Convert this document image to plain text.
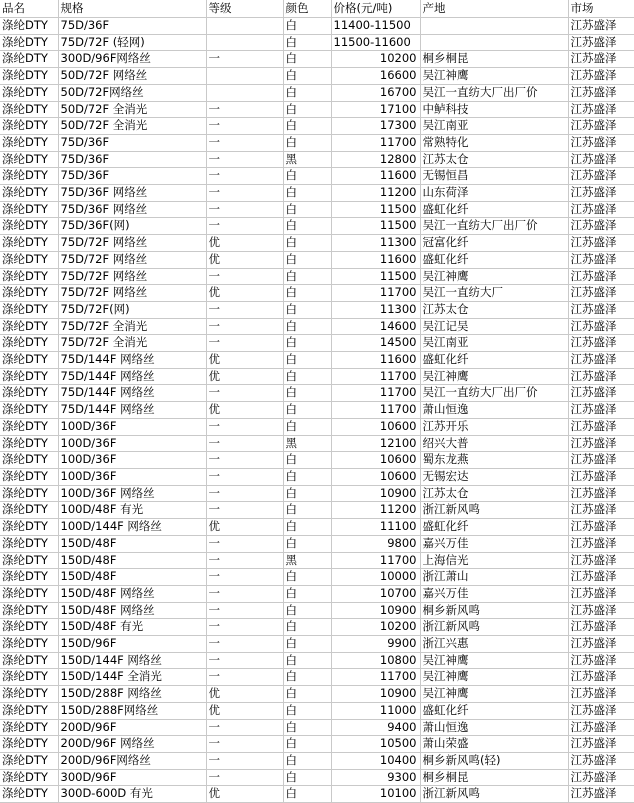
品名	规格	等级	颜色	价格(元/吨)	产地	市场
涤纶DTY	75D/36F		白	11400-11500		江苏盛泽
涤纶DTY	75D/72F (轻网)		白	11500-11600		江苏盛泽
涤纶DTY	300D/96F网络丝	一	白	10200	桐乡桐昆	江苏盛泽
涤纶DTY	50D/72F 网络丝		白	16600	吴江神鹰	江苏盛泽
涤纶DTY	50D/72F网络丝		白	16700	吴江一直纺大厂出厂价	江苏盛泽
涤纶DTY	50D/72F 全消光	一	白	17100	中鲈科技	江苏盛泽
涤纶DTY	50D/72F 全消光	一	白	17300	吴江南亚	江苏盛泽
涤纶DTY	75D/36F	一	白	11700	常熟特化	江苏盛泽
涤纶DTY	75D/36F	一	黑	12800	江苏太仓	江苏盛泽
涤纶DTY	75D/36F	一	白	11600	无锡恒昌	江苏盛泽
涤纶DTY	75D/36F 网络丝	一	白	11200	山东荷泽	江苏盛泽
涤纶DTY	75D/36F 网络丝	一	白	11500	盛虹化纤	江苏盛泽
涤纶DTY	75D/36F(网)	一	白	11500	吴江一直纺大厂出厂价	江苏盛泽
涤纶DTY	75D/72F 网络丝	优	白	11300	冠富化纤	江苏盛泽
涤纶DTY	75D/72F 网络丝	优	白	11600	盛虹化纤	江苏盛泽
涤纶DTY	75D/72F 网络丝	一	白	11500	吴江神鹰	江苏盛泽
涤纶DTY	75D/72F 网络丝	优	白	11700	吴江一直纺大厂	江苏盛泽
涤纶DTY	75D/72F(网)	一	白	11300	江苏太仓	江苏盛泽
涤纶DTY	75D/72F 全消光	一	白	14600	吴江记吴	江苏盛泽
涤纶DTY	75D/72F 全消光	一	白	14500	吴江南亚	江苏盛泽
涤纶DTY	75D/144F 网络丝	优	白	11600	盛虹化纤	江苏盛泽
涤纶DTY	75D/144F 网络丝	优	白	11700	吴江神鹰	江苏盛泽
涤纶DTY	75D/144F 网络丝	一	白	11700	吴江一直纺大厂出厂价	江苏盛泽
涤纶DTY	75D/144F 网络丝	优	白	11700	萧山恒逸	江苏盛泽
涤纶DTY	100D/36F	一	白	10600	江苏开乐	江苏盛泽
涤纶DTY	100D/36F	一	黑	12100	绍兴大普	江苏盛泽
涤纶DTY	100D/36F	一	白	10600	蜀东龙燕	江苏盛泽
涤纶DTY	100D/36F	一	白	10600	无锡宏达	江苏盛泽
涤纶DTY	100D/36F 网络丝	一	白	10900	江苏太仓	江苏盛泽
涤纶DTY	100D/48F 有光	一	白	11200	浙江新风鸣	江苏盛泽
涤纶DTY	100D/144F 网络丝	优	白	11100	盛虹化纤	江苏盛泽
涤纶DTY	150D/48F	一	白	9800	嘉兴万佳	江苏盛泽
涤纶DTY	150D/48F	一	黑	11700	上海信光	江苏盛泽
涤纶DTY	150D/48F	一	白	10000	浙江萧山	江苏盛泽
涤纶DTY	150D/48F 网络丝	一	白	10700	嘉兴万佳	江苏盛泽
涤纶DTY	150D/48F 网络丝	一	白	10900	桐乡新风鸣	江苏盛泽
涤纶DTY	150D/48F 有光	一	白	10200	浙江新风鸣	江苏盛泽
涤纶DTY	150D/96F	一	白	9900	浙江兴惠	江苏盛泽
涤纶DTY	150D/144F 网络丝	一	白	10800	吴江神鹰	江苏盛泽
涤纶DTY	150D/144F 全消光	一	白	11700	吴江神鹰	江苏盛泽
涤纶DTY	150D/288F 网络丝	优	白	10900	吴江神鹰	江苏盛泽
涤纶DTY	150D/288F网络丝	优	白	11000	盛虹化纤	江苏盛泽
涤纶DTY	200D/96F	一	白	9400	萧山恒逸	江苏盛泽
涤纶DTY	200D/96F 网络丝	一	白	10500	萧山荣盛	江苏盛泽
涤纶DTY	200D/96F网络丝	一	白	10400	桐乡新风鸣(轻)	江苏盛泽
涤纶DTY	300D/96F	一	白	9300	桐乡桐昆	江苏盛泽
涤纶DTY	300D-600D 有光	优	白	10100	浙江新风鸣	江苏盛泽
